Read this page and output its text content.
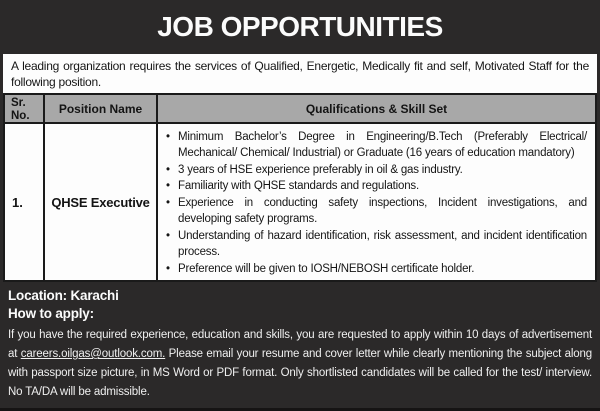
JOB OPPORTUNITIES
A leading organization requires the services of Qualified, Energetic, Medically fit and self, Motivated Staff for the following position.
Sr.
No.
Position Name	Qualifications & Skill Set
1. QHSE Executive
• Minimum Bachelor’s Degree in Engineering/B.Tech (Preferably Electrical/ Mechanical/ Chemical/ Industrial) or Graduate (16 years of education mandatory)
• 3 years of HSE experience preferably in oil & gas industry.
• Familiarity with QHSE standards and regulations.
• Experience in conducting safety inspections, Incident investigations, and developing safety programs.
• Understanding of hazard identification, risk assessment, and incident identification process.
• Preference will be given to IOSH/NEBOSH certificate holder.
Location: Karachi
How to apply:
If you have the required experience, education and skills, you are requested to apply within 10 days of advertisement at careers.oilgas@outlook.com. Please email your resume and cover letter while clearly mentioning the subject along with passport size picture, in MS Word or PDF format. Only shortlisted candidates will be called for the test/ interview. No TA/DA will be admissible.
